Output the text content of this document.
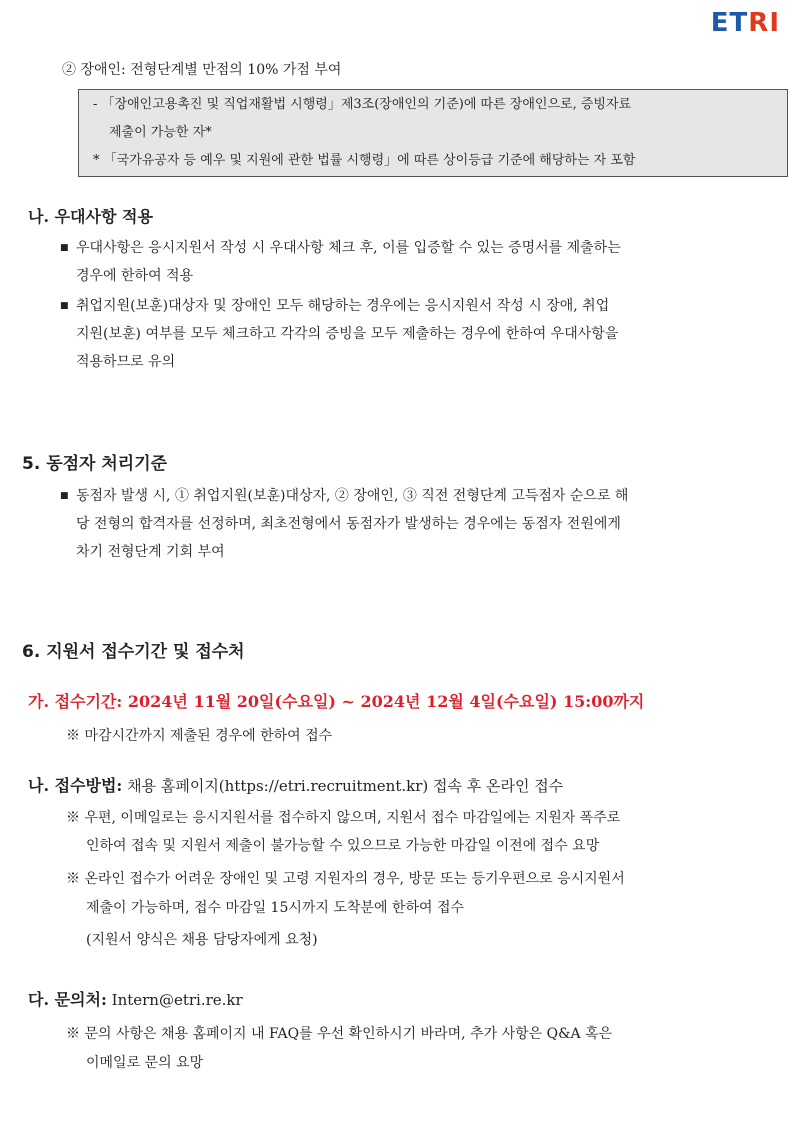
ETRI
② 장애인: 전형단계별 만점의 10% 가점 부여
- 「장애인고용촉진 및 직업재활법 시행령」제3조(장애인의 기준)에 따른 장애인으로, 증빙자료
제출이 가능한 자*
* 「국가유공자 등 예우 및 지원에 관한 법률 시행령」에 따른 상이등급 기준에 해당하는 자 포함
나. 우대사항 적용
■ 우대사항은 응시지원서 작성 시 우대사항 체크 후, 이를 입증할 수 있는 증명서를 제출하는
경우에 한하여 적용
■ 취업지원(보훈)대상자 및 장애인 모두 해당하는 경우에는 응시지원서 작성 시 장애, 취업
지원(보훈) 여부를 모두 체크하고 각각의 증빙을 모두 제출하는 경우에 한하여 우대사항을
적용하므로 유의
5. 동점자 처리기준
■ 동점자 발생 시, ① 취업지원(보훈)대상자, ② 장애인, ③ 직전 전형단계 고득점자 순으로 해
당 전형의 합격자를 선정하며, 최초전형에서 동점자가 발생하는 경우에는 동점자 전원에게
차기 전형단계 기회 부여
6. 지원서 접수기간 및 접수처
가. 접수기간: 2024년 11월 20일(수요일) ~ 2024년 12월 4일(수요일) 15:00까지
※ 마감시간까지 제출된 경우에 한하여 접수
나. 접수방법: 채용 홈페이지(https://etri.recruitment.kr) 접속 후 온라인 접수
※ 우편, 이메일로는 응시지원서를 접수하지 않으며, 지원서 접수 마감일에는 지원자 폭주로
인하여 접속 및 지원서 제출이 불가능할 수 있으므로 가능한 마감일 이전에 접수 요망
※ 온라인 접수가 어려운 장애인 및 고령 지원자의 경우, 방문 또는 등기우편으로 응시지원서
제출이 가능하며, 접수 마감일 15시까지 도착분에 한하여 접수
(지원서 양식은 채용 담당자에게 요청)
다. 문의처: Intern@etri.re.kr
※ 문의 사항은 채용 홈페이지 내 FAQ를 우선 확인하시기 바라며, 추가 사항은 Q&A 혹은
이메일로 문의 요망
